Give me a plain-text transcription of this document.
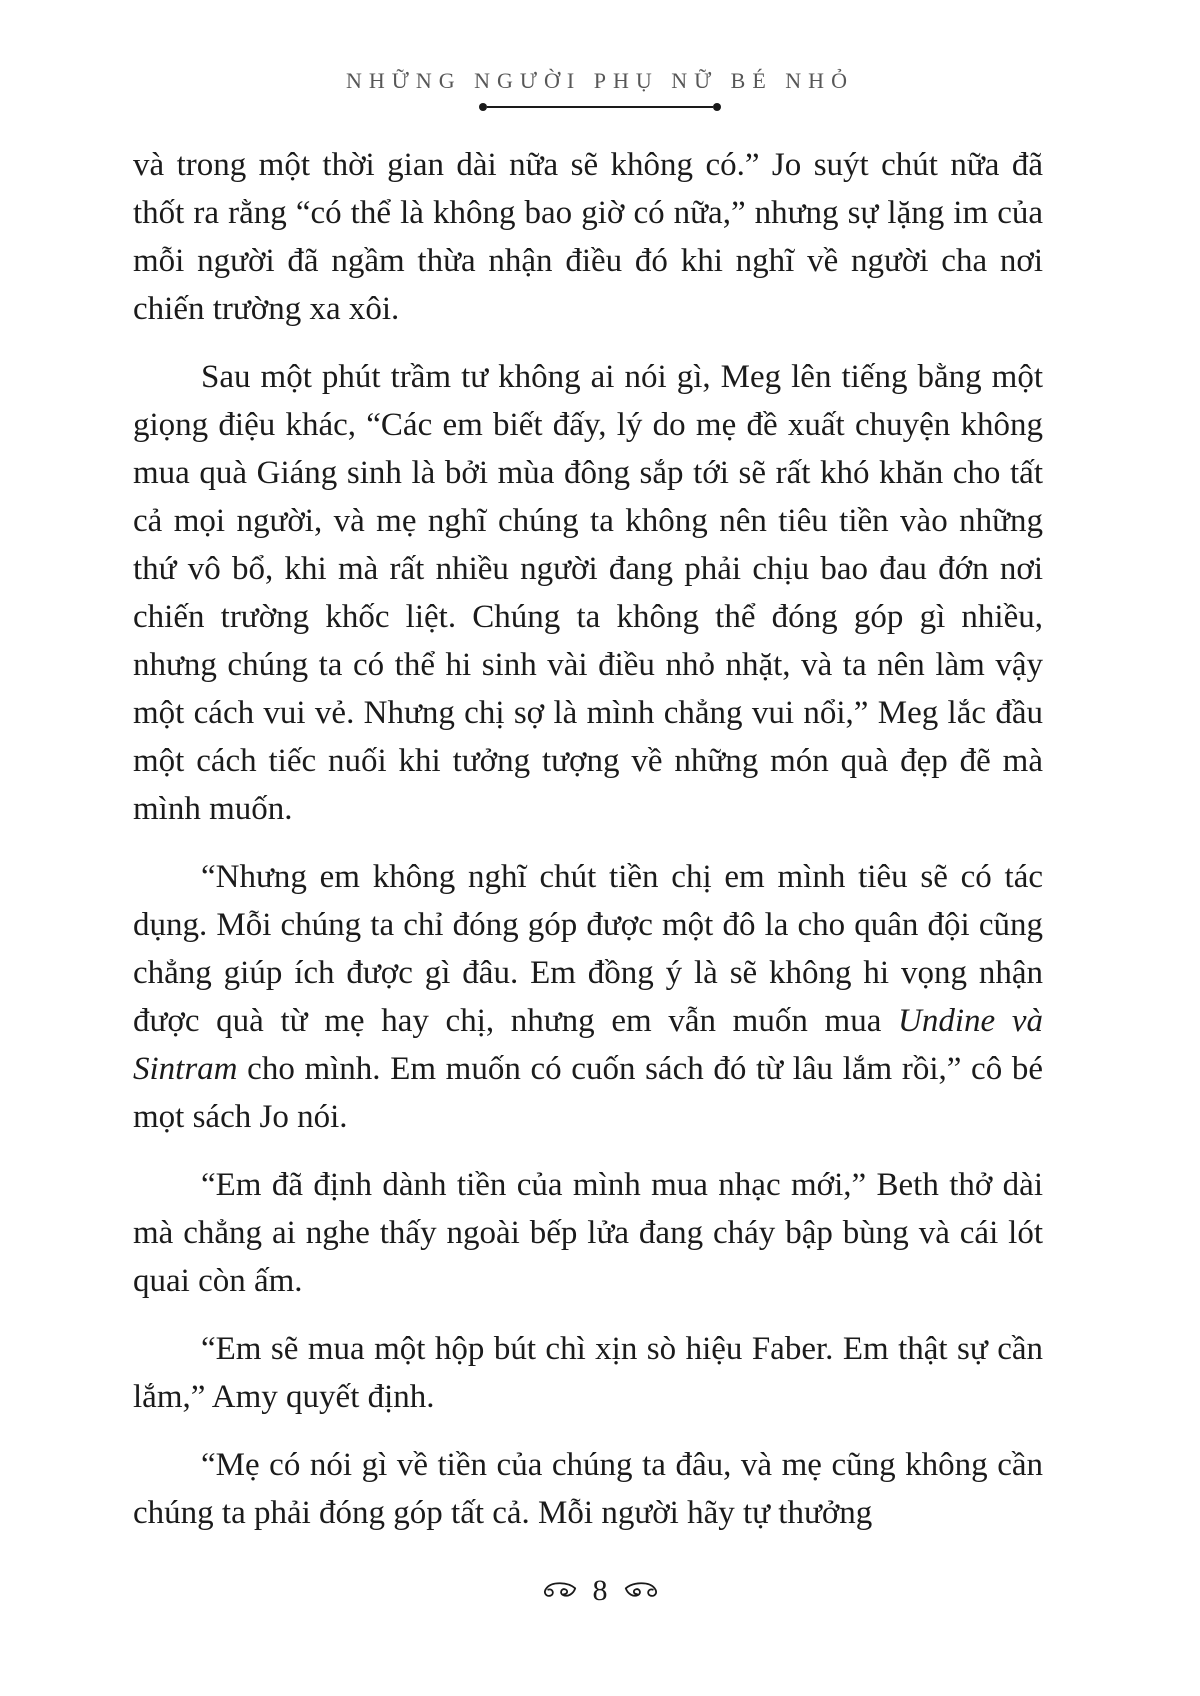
NHỮNG NGƯỜI PHỤ NỮ BÉ NHỎ

và trong một thời gian dài nữa sẽ không có.” Jo suýt chút nữa đã thốt ra rằng “có thể là không bao giờ có nữa,” nhưng sự lặng im của mỗi người đã ngầm thừa nhận điều đó khi nghĩ về người cha nơi chiến trường xa xôi.

Sau một phút trầm tư không ai nói gì, Meg lên tiếng bằng một giọng điệu khác, “Các em biết đấy, lý do mẹ đề xuất chuyện không mua quà Giáng sinh là bởi mùa đông sắp tới sẽ rất khó khăn cho tất cả mọi người, và mẹ nghĩ chúng ta không nên tiêu tiền vào những thứ vô bổ, khi mà rất nhiều người đang phải chịu bao đau đớn nơi chiến trường khốc liệt. Chúng ta không thể đóng góp gì nhiều, nhưng chúng ta có thể hi sinh vài điều nhỏ nhặt, và ta nên làm vậy một cách vui vẻ. Nhưng chị sợ là mình chẳng vui nổi,” Meg lắc đầu một cách tiếc nuối khi tưởng tượng về những món quà đẹp đẽ mà mình muốn.

“Nhưng em không nghĩ chút tiền chị em mình tiêu sẽ có tác dụng. Mỗi chúng ta chỉ đóng góp được một đô la cho quân đội cũng chẳng giúp ích được gì đâu. Em đồng ý là sẽ không hi vọng nhận được quà từ mẹ hay chị, nhưng em vẫn muốn mua Undine và Sintram cho mình. Em muốn có cuốn sách đó từ lâu lắm rồi,” cô bé mọt sách Jo nói.

“Em đã định dành tiền của mình mua nhạc mới,” Beth thở dài mà chẳng ai nghe thấy ngoài bếp lửa đang cháy bập bùng và cái lót quai còn ấm.

“Em sẽ mua một hộp bút chì xịn sò hiệu Faber. Em thật sự cần lắm,” Amy quyết định.

“Mẹ có nói gì về tiền của chúng ta đâu, và mẹ cũng không cần chúng ta phải đóng góp tất cả. Mỗi người hãy tự thưởng

8
